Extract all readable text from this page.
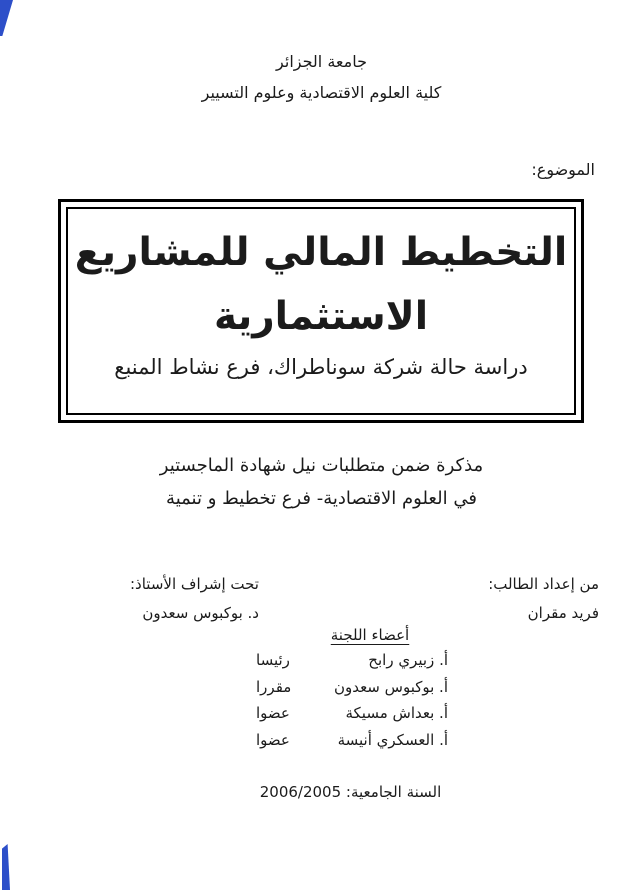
جامعة الجزائر
كلية العلوم الاقتصادية وعلوم التسيير
الموضوع:
التخطيط المالي للمشاريع
الاستثمارية
دراسة حالة شركة سوناطراك، فرع نشاط المنبع
مذكرة ضمن متطلبات نيل شهادة الماجستير
في العلوم الاقتصادية- فرع تخطيط و تنمية
من إعداد الطالب:
فريد مقران
تحت إشراف الأستاذ:
د. بوكبوس سعدون
أعضاء اللجنة
أ. زبيري رابح
رئيسا
أ. بوكبوس سعدون
مقررا
أ. بعداش مسيكة
عضوا
أ. العسكري أنيسة
عضوا
السنة الجامعية: 2006/2005
